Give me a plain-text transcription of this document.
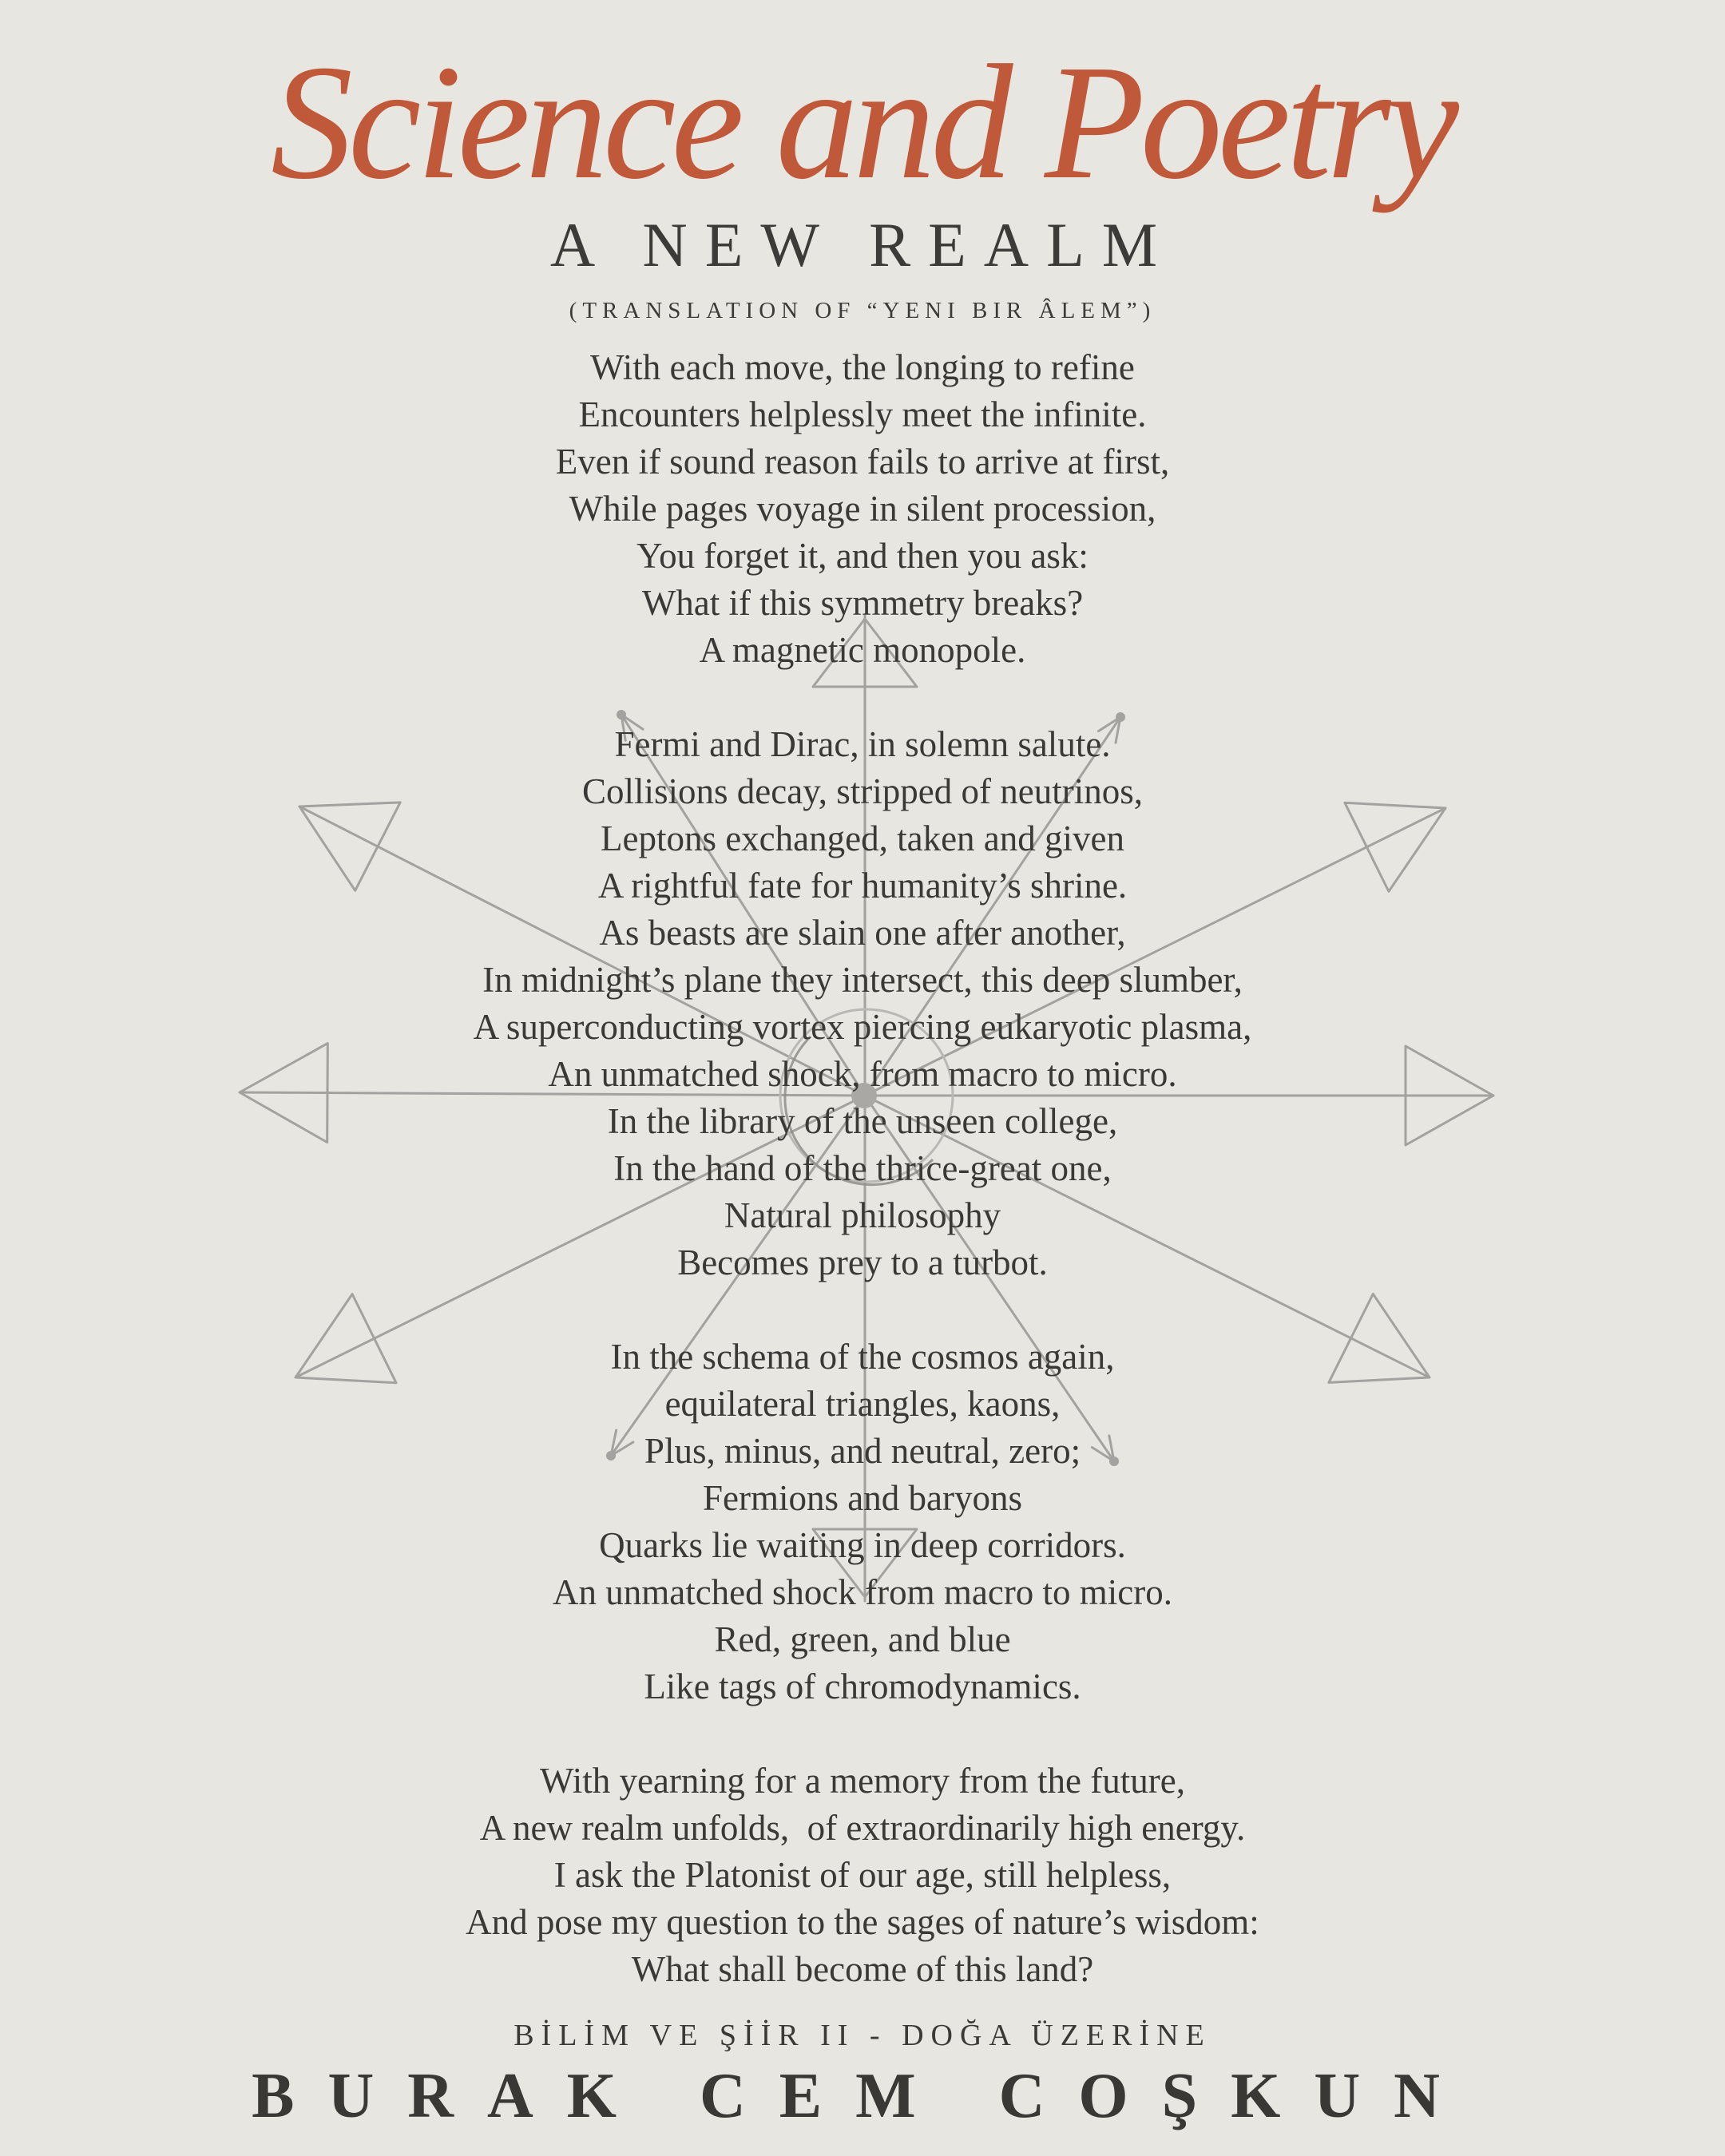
Science and Poetry
A NEW REALM
(TRANSLATION OF “YENI BIR ÂLEM”)
With each move, the longing to refine
Encounters helplessly meet the infinite.
Even if sound reason fails to arrive at first,
While pages voyage in silent procession,
You forget it, and then you ask:
What if this symmetry breaks?
A magnetic monopole.
Fermi and Dirac, in solemn salute.
Collisions decay, stripped of neutrinos,
Leptons exchanged, taken and given
A rightful fate for humanity’s shrine.
As beasts are slain one after another,
In midnight’s plane they intersect, this deep slumber,
A superconducting vortex piercing eukaryotic plasma,
An unmatched shock, from macro to micro.
In the library of the unseen college,
In the hand of the thrice-great one,
Natural philosophy
Becomes prey to a turbot.
In the schema of the cosmos again,
equilateral triangles, kaons,
Plus, minus, and neutral, zero;
Fermions and baryons
Quarks lie waiting in deep corridors.
An unmatched shock from macro to micro.
Red, green, and blue
Like tags of chromodynamics.
With yearning for a memory from the future,
A new realm unfolds,  of extraordinarily high energy.
I ask the Platonist of our age, still helpless,
And pose my question to the sages of nature’s wisdom:
What shall become of this land?
BİLİM VE ŞİİR II - DOĞA ÜZERİNE
BURAK CEM COŞKUN
